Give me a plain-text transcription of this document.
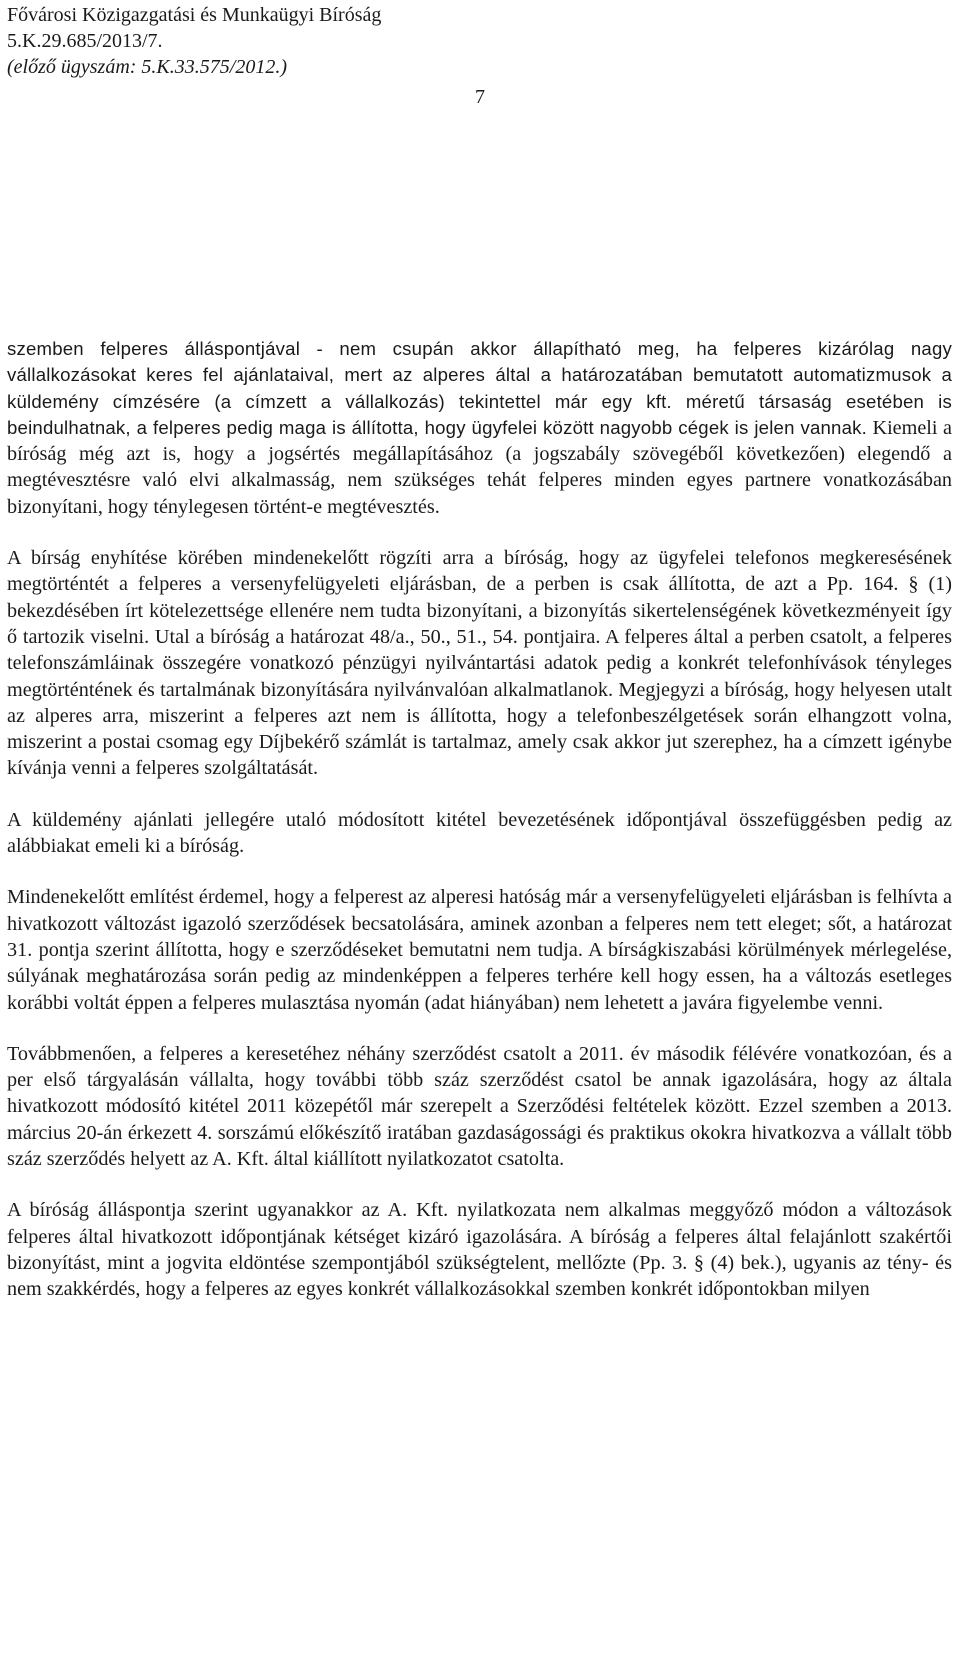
Fővárosi Közigazgatási és Munkaügyi Bíróság
5.K.29.685/2013/7.
(előző ügyszám: 5.K.33.575/2012.)
7

szemben felperes álláspontjával - nem csupán akkor állapítható meg, ha felperes kizárólag nagy vállalkozásokat keres fel ajánlataival, mert az alperes által a határozatában bemutatott automatizmusok a küldemény címzésére (a címzett a vállalkozás) tekintettel már egy kft. méretű társaság esetében is beindulhatnak, a felperes pedig maga is állította, hogy ügyfelei között nagyobb cégek is jelen vannak. Kiemeli a bíróság még azt is, hogy a jogsértés megállapításához (a jogszabály szövegéből következően) elegendő a megtévesztésre való elvi alkalmasság, nem szükséges tehát felperes minden egyes partnere vonatkozásában bizonyítani, hogy ténylegesen történt-e megtévesztés.

A bírság enyhítése körében mindenekelőtt rögzíti arra a bíróság, hogy az ügyfelei telefonos megkeresésének megtörténtét a felperes a versenyfelügyeleti eljárásban, de a perben is csak állította, de azt a Pp. 164. § (1) bekezdésében írt kötelezettsége ellenére nem tudta bizonyítani, a bizonyítás sikertelenségének következményeit így ő tartozik viselni. Utal a bíróság a határozat 48/a., 50., 51., 54. pontjaira. A felperes által a perben csatolt, a felperes telefonszámláinak összegére vonatkozó pénzügyi nyilvántartási adatok pedig a konkrét telefonhívások tényleges megtörténtének és tartalmának bizonyítására nyilvánvalóan alkalmatlanok. Megjegyzi a bíróság, hogy helyesen utalt az alperes arra, miszerint a felperes azt nem is állította, hogy a telefonbeszélgetések során elhangzott volna, miszerint a postai csomag egy Díjbekérő számlát is tartalmaz, amely csak akkor jut szerephez, ha a címzett igénybe kívánja venni a felperes szolgáltatását.

A küldemény ajánlati jellegére utaló módosított kitétel bevezetésének időpontjával összefüggésben pedig az alábbiakat emeli ki a bíróság.

Mindenekelőtt említést érdemel, hogy a felperest az alperesi hatóság már a versenyfelügyeleti eljárásban is felhívta a hivatkozott változást igazoló szerződések becsatolására, aminek azonban a felperes nem tett eleget; sőt, a határozat 31. pontja szerint állította, hogy e szerződéseket bemutatni nem tudja. A bírságkiszabási körülmények mérlegelése, súlyának meghatározása során pedig az mindenképpen a felperes terhére kell hogy essen, ha a változás esetleges korábbi voltát éppen a felperes mulasztása nyomán (adat hiányában) nem lehetett a javára figyelembe venni.

Továbbmenően, a felperes a keresetéhez néhány szerződést csatolt a 2011. év második félévére vonatkozóan, és a per első tárgyalásán vállalta, hogy további több száz szerződést csatol be annak igazolására, hogy az általa hivatkozott módosító kitétel 2011 közepétől már szerepelt a Szerződési feltételek között. Ezzel szemben a 2013. március 20-án érkezett 4. sorszámú előkészítő iratában gazdaságossági és praktikus okokra hivatkozva a vállalt több száz szerződés helyett az A. Kft. által kiállított nyilatkozatot csatolta.

A bíróság álláspontja szerint ugyanakkor az A. Kft. nyilatkozata nem alkalmas meggyőző módon a változások felperes által hivatkozott időpontjának kétséget kizáró igazolására. A bíróság a felperes által felajánlott szakértői bizonyítást, mint a jogvita eldöntése szempontjából szükségtelent, mellőzte (Pp. 3. § (4) bek.), ugyanis az tény- és nem szakkérdés, hogy a felperes az egyes konkrét vállalkozásokkal szemben konkrét időpontokban milyen
